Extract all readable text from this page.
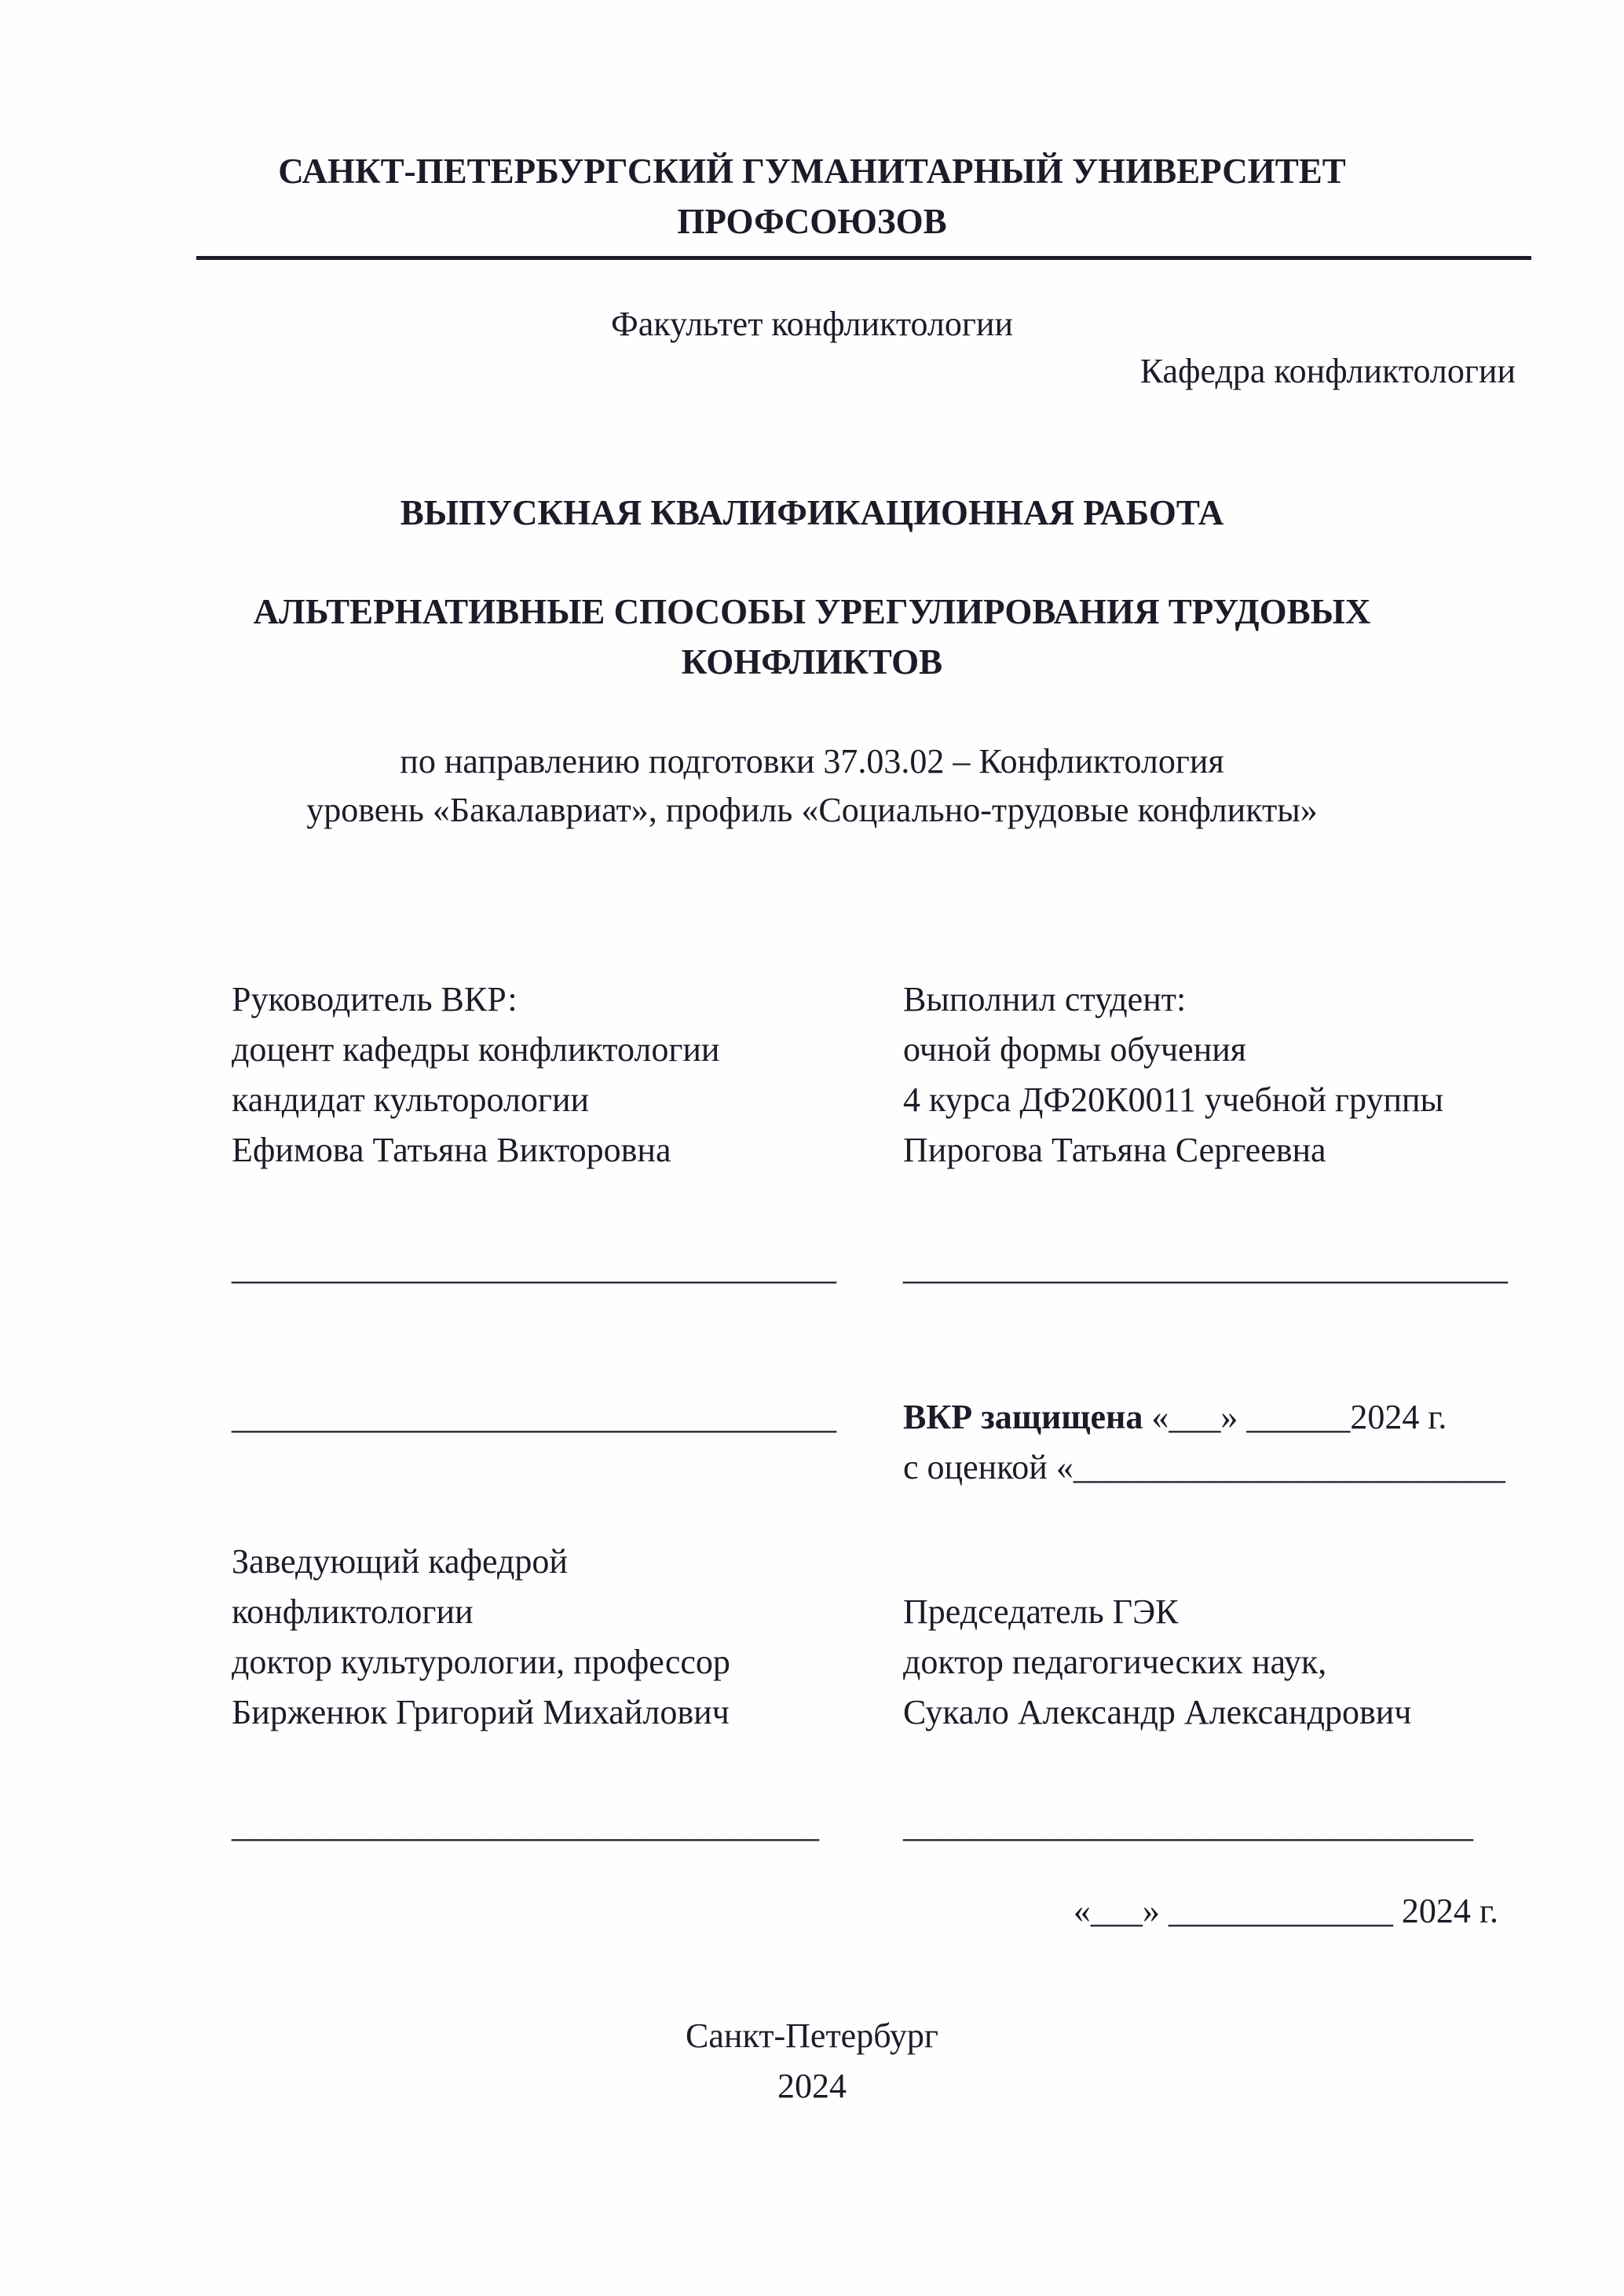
САНКТ-ПЕТЕРБУРГСКИЙ ГУМАНИТАРНЫЙ УНИВЕРСИТЕТ
ПРОФСОЮЗОВ
Факультет конфликтологии
Кафедра конфликтологии
ВЫПУСКНАЯ КВАЛИФИКАЦИОННАЯ РАБОТА
АЛЬТЕРНАТИВНЫЕ СПОСОБЫ УРЕГУЛИРОВАНИЯ ТРУДОВЫХ
КОНФЛИКТОВ
по направлению подготовки 37.03.02 – Конфликтология
уровень «Бакалавриат», профиль «Социально-трудовые конфликты»
Руководитель ВКР:
доцент кафедры конфликтологии
кандидат культорологии
Ефимова Татьяна Викторовна
Выполнил студент:
очной формы обучения
4 курса ДФ20К0011 учебной группы
Пирогова Татьяна Сергеевна
___________________________________	___________________________________
___________________________________	ВКР защищена «___» ______2024 г.
с оценкой «_________________________
Заведующий кафедрой
конфликтологии
доктор культурологии, профессор
Бирженюк Григорий Михайлович
Председатель ГЭК
доктор педагогических наук,
Сукало Александр Александрович
__________________________________	_________________________________
«___» _____________ 2024 г.
Санкт-Петербург
2024
